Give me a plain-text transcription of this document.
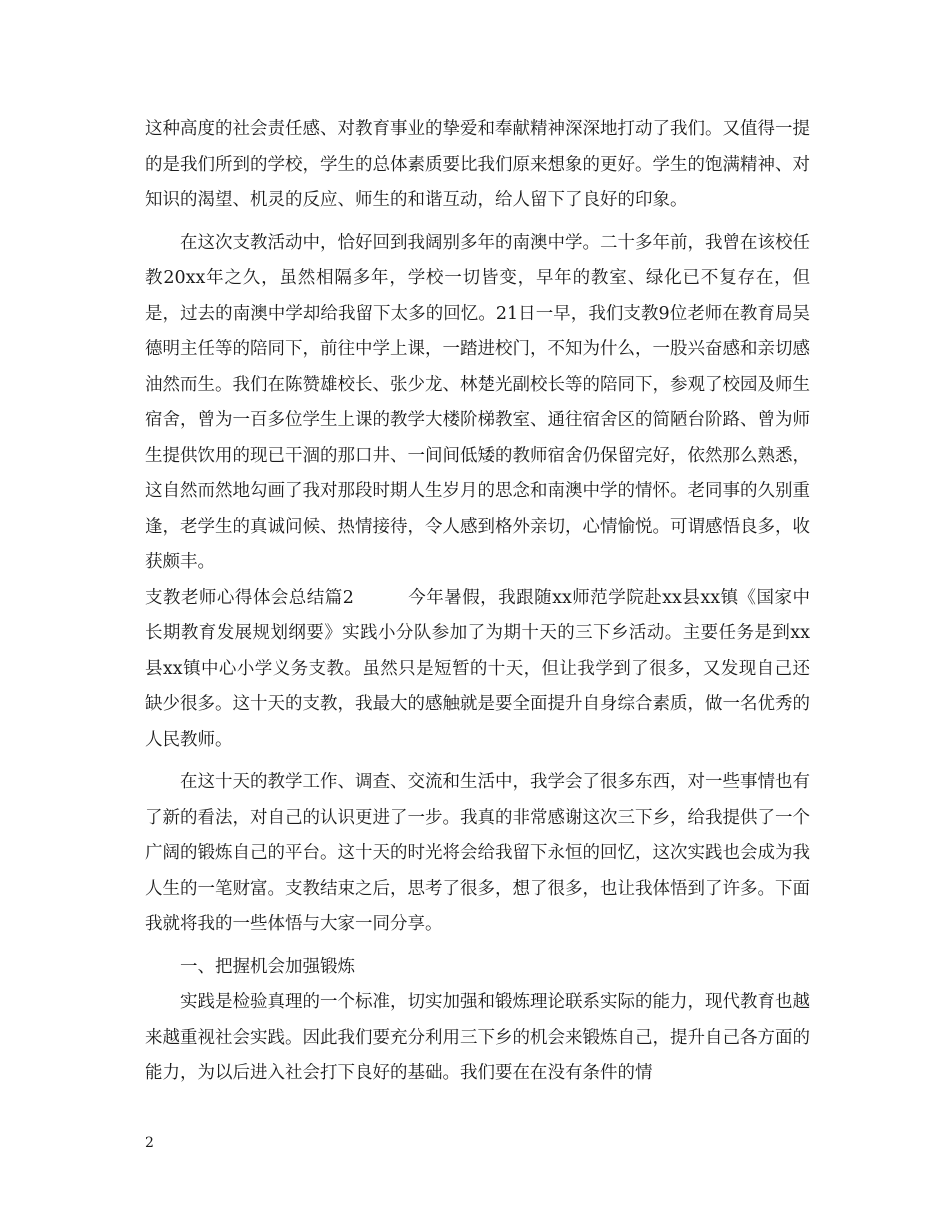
这种高度的社会责任感、对教育事业的挚爱和奉献精神深深地打动了我们。又值得一提的是我们所到的学校，学生的总体素质要比我们原来想象的更好。学生的饱满精神、对知识的渴望、机灵的反应、师生的和谐互动，给人留下了良好的印象。

在这次支教活动中，恰好回到我阔别多年的南澳中学。二十多年前，我曾在该校任教20xx年之久，虽然相隔多年，学校一切皆变，早年的教室、绿化已不复存在，但是，过去的南澳中学却给我留下太多的回忆。21日一早，我们支教9位老师在教育局吴德明主任等的陪同下，前往中学上课，一踏进校门，不知为什么，一股兴奋感和亲切感油然而生。我们在陈赞雄校长、张少龙、林楚光副校长等的陪同下，参观了校园及师生宿舍，曾为一百多位学生上课的教学大楼阶梯教室、通往宿舍区的简陋台阶路、曾为师生提供饮用的现已干涸的那口井、一间间低矮的教师宿舍仍保留完好，依然那么熟悉，这自然而然地勾画了我对那段时期人生岁月的思念和南澳中学的情怀。老同事的久别重逢，老学生的真诚问候、热情接待，令人感到格外亲切，心情愉悦。可谓感悟良多，收获颇丰。

支教老师心得体会总结篇2　　　今年暑假，我跟随xx师范学院赴xx县xx镇《国家中长期教育发展规划纲要》实践小分队参加了为期十天的三下乡活动。主要任务是到xx县xx镇中心小学义务支教。虽然只是短暂的十天，但让我学到了很多，又发现自己还缺少很多。这十天的支教，我最大的感触就是要全面提升自身综合素质，做一名优秀的人民教师。

在这十天的教学工作、调查、交流和生活中，我学会了很多东西，对一些事情也有了新的看法，对自己的认识更进了一步。我真的非常感谢这次三下乡，给我提供了一个广阔的锻炼自己的平台。这十天的时光将会给我留下永恒的回忆，这次实践也会成为我人生的一笔财富。支教结束之后，思考了很多，想了很多，也让我体悟到了许多。下面我就将我的一些体悟与大家一同分享。

一、把握机会加强锻炼

实践是检验真理的一个标准，切实加强和锻炼理论联系实际的能力，现代教育也越来越重视社会实践。因此我们要充分利用三下乡的机会来锻炼自己，提升自己各方面的能力，为以后进入社会打下良好的基础。我们要在在没有条件的情

2
